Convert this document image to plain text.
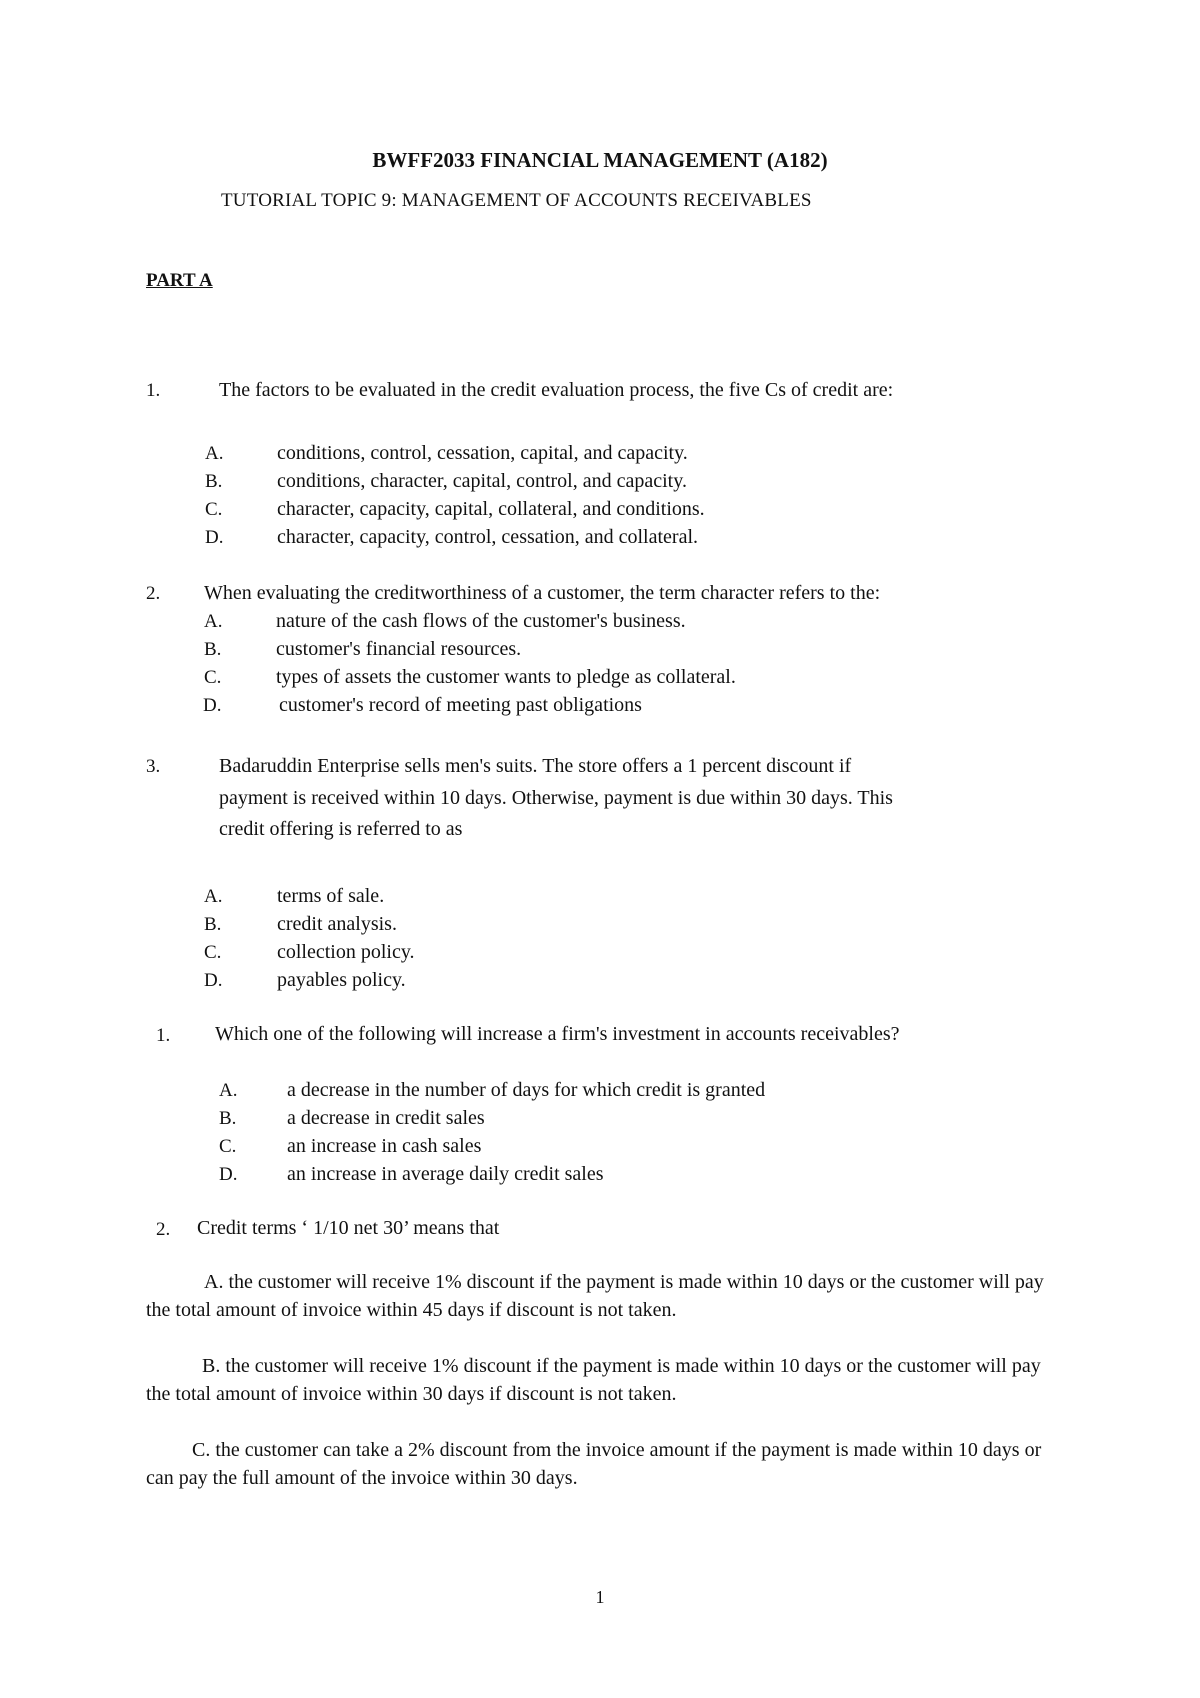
BWFF2033 FINANCIAL MANAGEMENT (A182)
TUTORIAL TOPIC 9: MANAGEMENT OF ACCOUNTS RECEIVABLES
PART A
1.	The factors to be evaluated in the credit evaluation process, the five Cs of credit are:
A.	conditions, control, cessation, capital, and capacity.
B.	conditions, character, capital, control, and capacity.
C.	character, capacity, capital, collateral, and conditions.
D.	character, capacity, control, cessation, and collateral.
2. When evaluating the creditworthiness of a customer, the term character refers to the:
A.	nature of the cash flows of the customer's business.
B.	customer's financial resources.
C.	types of assets the customer wants to pledge as collateral.
D.	customer's record of meeting past obligations
3.	Badaruddin Enterprise sells men's suits. The store offers a 1 percent discount if
payment is received within 10 days. Otherwise, payment is due within 30 days. This
credit offering is referred to as
A.	terms of sale.
B.	credit analysis.
C.	collection policy.
D.	payables policy.
1. Which one of the following will increase a firm's investment in accounts receivables?
A. a decrease in the number of days for which credit is granted
B.	a decrease in credit sales
C.	an increase in cash sales
D. an increase in average daily credit sales
2. Credit terms ‘ 1/10 net 30’ means that
A. the customer will receive 1% discount if the payment is made within 10 days or the customer will pay the total amount of invoice within 45 days if discount is not taken.
B. the customer will receive 1% discount if the payment is made within 10 days or the customer will pay the total amount of invoice within 30 days if discount is not taken.
C. the customer can take a 2% discount from the invoice amount if the payment is made within 10 days or can pay the full amount of the invoice within 30 days.
1
